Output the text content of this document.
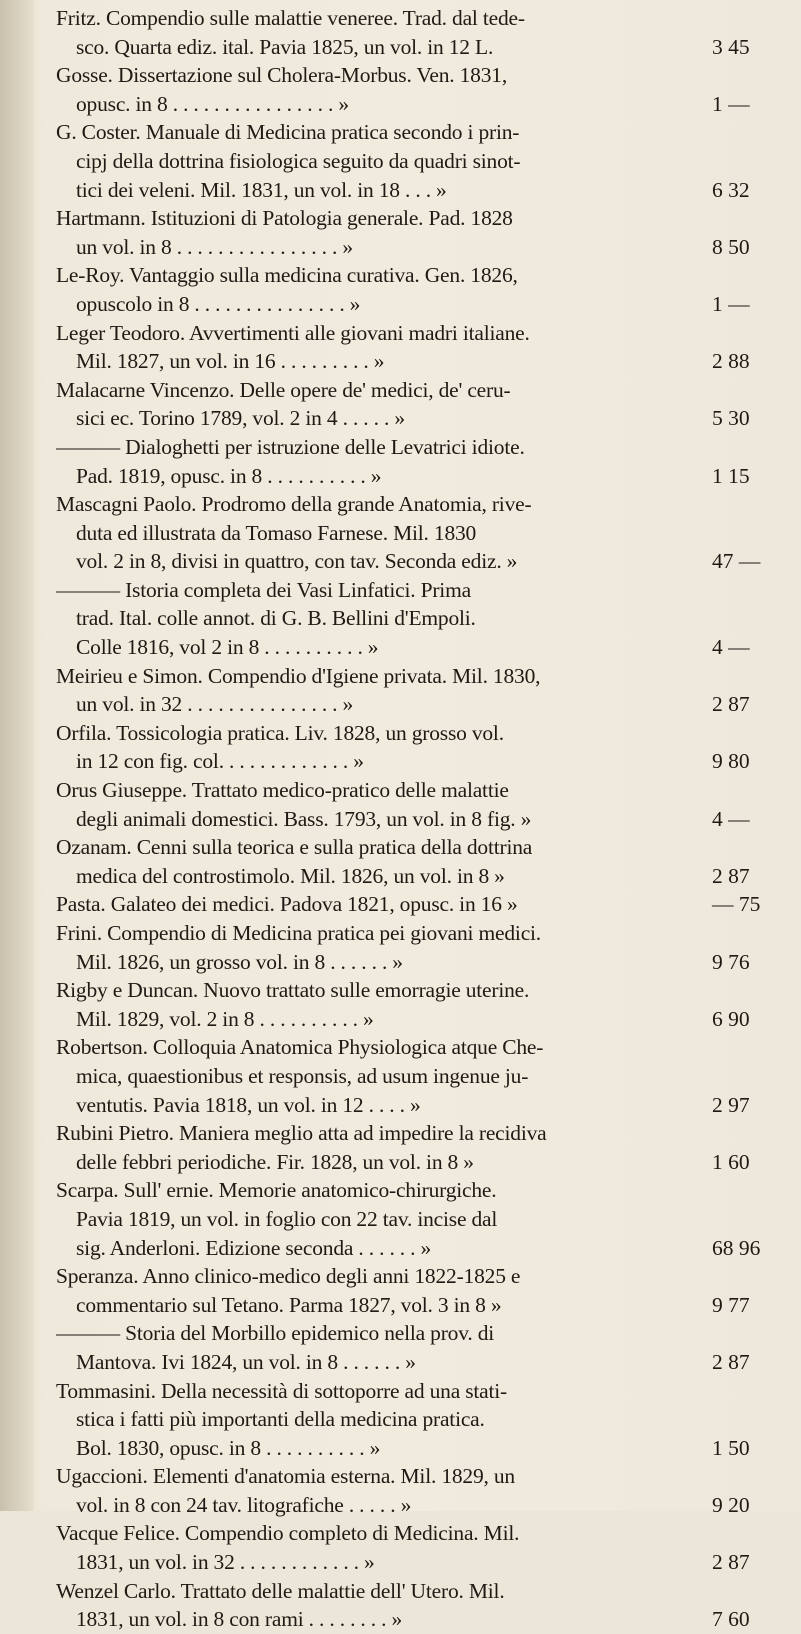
Fritz. Compendio sulle malattie veneree. Trad. dal tede-
sco. Quarta ediz. ital. Pavia 1825, un vol. in 12 L.	3 45
Gosse. Dissertazione sul Cholera-Morbus. Ven. 1831,
opusc. in 8 . . . . . . . . . . . . . . . . »	1 —
G. Coster. Manuale di Medicina pratica secondo i prin-
cipj della dottrina fisiologica seguito da quadri sinot-
tici dei veleni. Mil. 1831, un vol. in 18 . . . »	6 32
Hartmann. Istituzioni di Patologia generale. Pad. 1828
un vol. in 8 . . . . . . . . . . . . . . . . »	8 50
Le-Roy. Vantaggio sulla medicina curativa. Gen. 1826,
opuscolo in 8 . . . . . . . . . . . . . . . »	1 —
Leger Teodoro. Avvertimenti alle giovani madri italiane.
Mil. 1827, un vol. in 16 . . . . . . . . . »	2 88
Malacarne Vincenzo. Delle opere de' medici, de' ceru-
sici ec. Torino 1789, vol. 2 in 4 . . . . . »	5 30
——— Dialoghetti per istruzione delle Levatrici idiote.
Pad. 1819, opusc. in 8 . . . . . . . . . . »	1 15
Mascagni Paolo. Prodromo della grande Anatomia, rive-
duta ed illustrata da Tomaso Farnese. Mil. 1830
vol. 2 in 8, divisi in quattro, con tav. Seconda ediz. »	47 —
——— Istoria completa dei Vasi Linfatici. Prima
trad. Ital. colle annot. di G. B. Bellini d'Empoli.
Colle 1816, vol 2 in 8 . . . . . . . . . . »	4 —
Meirieu e Simon. Compendio d'Igiene privata. Mil. 1830,
un vol. in 32 . . . . . . . . . . . . . . . »	2 87
Orfila. Tossicologia pratica. Liv. 1828, un grosso vol.
in 12 con fig. col. . . . . . . . . . . . . »	9 80
Orus Giuseppe. Trattato medico-pratico delle malattie
degli animali domestici. Bass. 1793, un vol. in 8 fig. »	4 —
Ozanam. Cenni sulla teorica e sulla pratica della dottrina
medica del controstimolo. Mil. 1826, un vol. in 8 »	2 87
Pasta. Galateo dei medici. Padova 1821, opusc. in 16 »	— 75
Frini. Compendio di Medicina pratica pei giovani medici.
Mil. 1826, un grosso vol. in 8 . . . . . . »	9 76
Rigby e Duncan. Nuovo trattato sulle emorragie uterine.
Mil. 1829, vol. 2 in 8 . . . . . . . . . . »	6 90
Robertson. Colloquia Anatomica Physiologica atque Che-
mica, quaestionibus et responsis, ad usum ingenue ju-
ventutis. Pavia 1818, un vol. in 12 . . . . »	2 97
Rubini Pietro. Maniera meglio atta ad impedire la recidiva
delle febbri periodiche. Fir. 1828, un vol. in 8 »	1 60
Scarpa. Sull' ernie. Memorie anatomico-chirurgiche.
Pavia 1819, un vol. in foglio con 22 tav. incise dal
sig. Anderloni. Edizione seconda . . . . . . »	68 96
Speranza. Anno clinico-medico degli anni 1822-1825 e
commentario sul Tetano. Parma 1827, vol. 3 in 8 »	9 77
——— Storia del Morbillo epidemico nella prov. di
Mantova. Ivi 1824, un vol. in 8 . . . . . . »	2 87
Tommasini. Della necessità di sottoporre ad una stati-
stica i fatti più importanti della medicina pratica.
Bol. 1830, opusc. in 8 . . . . . . . . . . »	1 50
Ugaccioni. Elementi d'anatomia esterna. Mil. 1829, un
vol. in 8 con 24 tav. litografiche . . . . . »	9 20
Vacque Felice. Compendio completo di Medicina. Mil.
1831, un vol. in 32 . . . . . . . . . . . . »	2 87
Wenzel Carlo. Trattato delle malattie dell' Utero. Mil.
1831, un vol. in 8 con rami . . . . . . . . »	7 60
